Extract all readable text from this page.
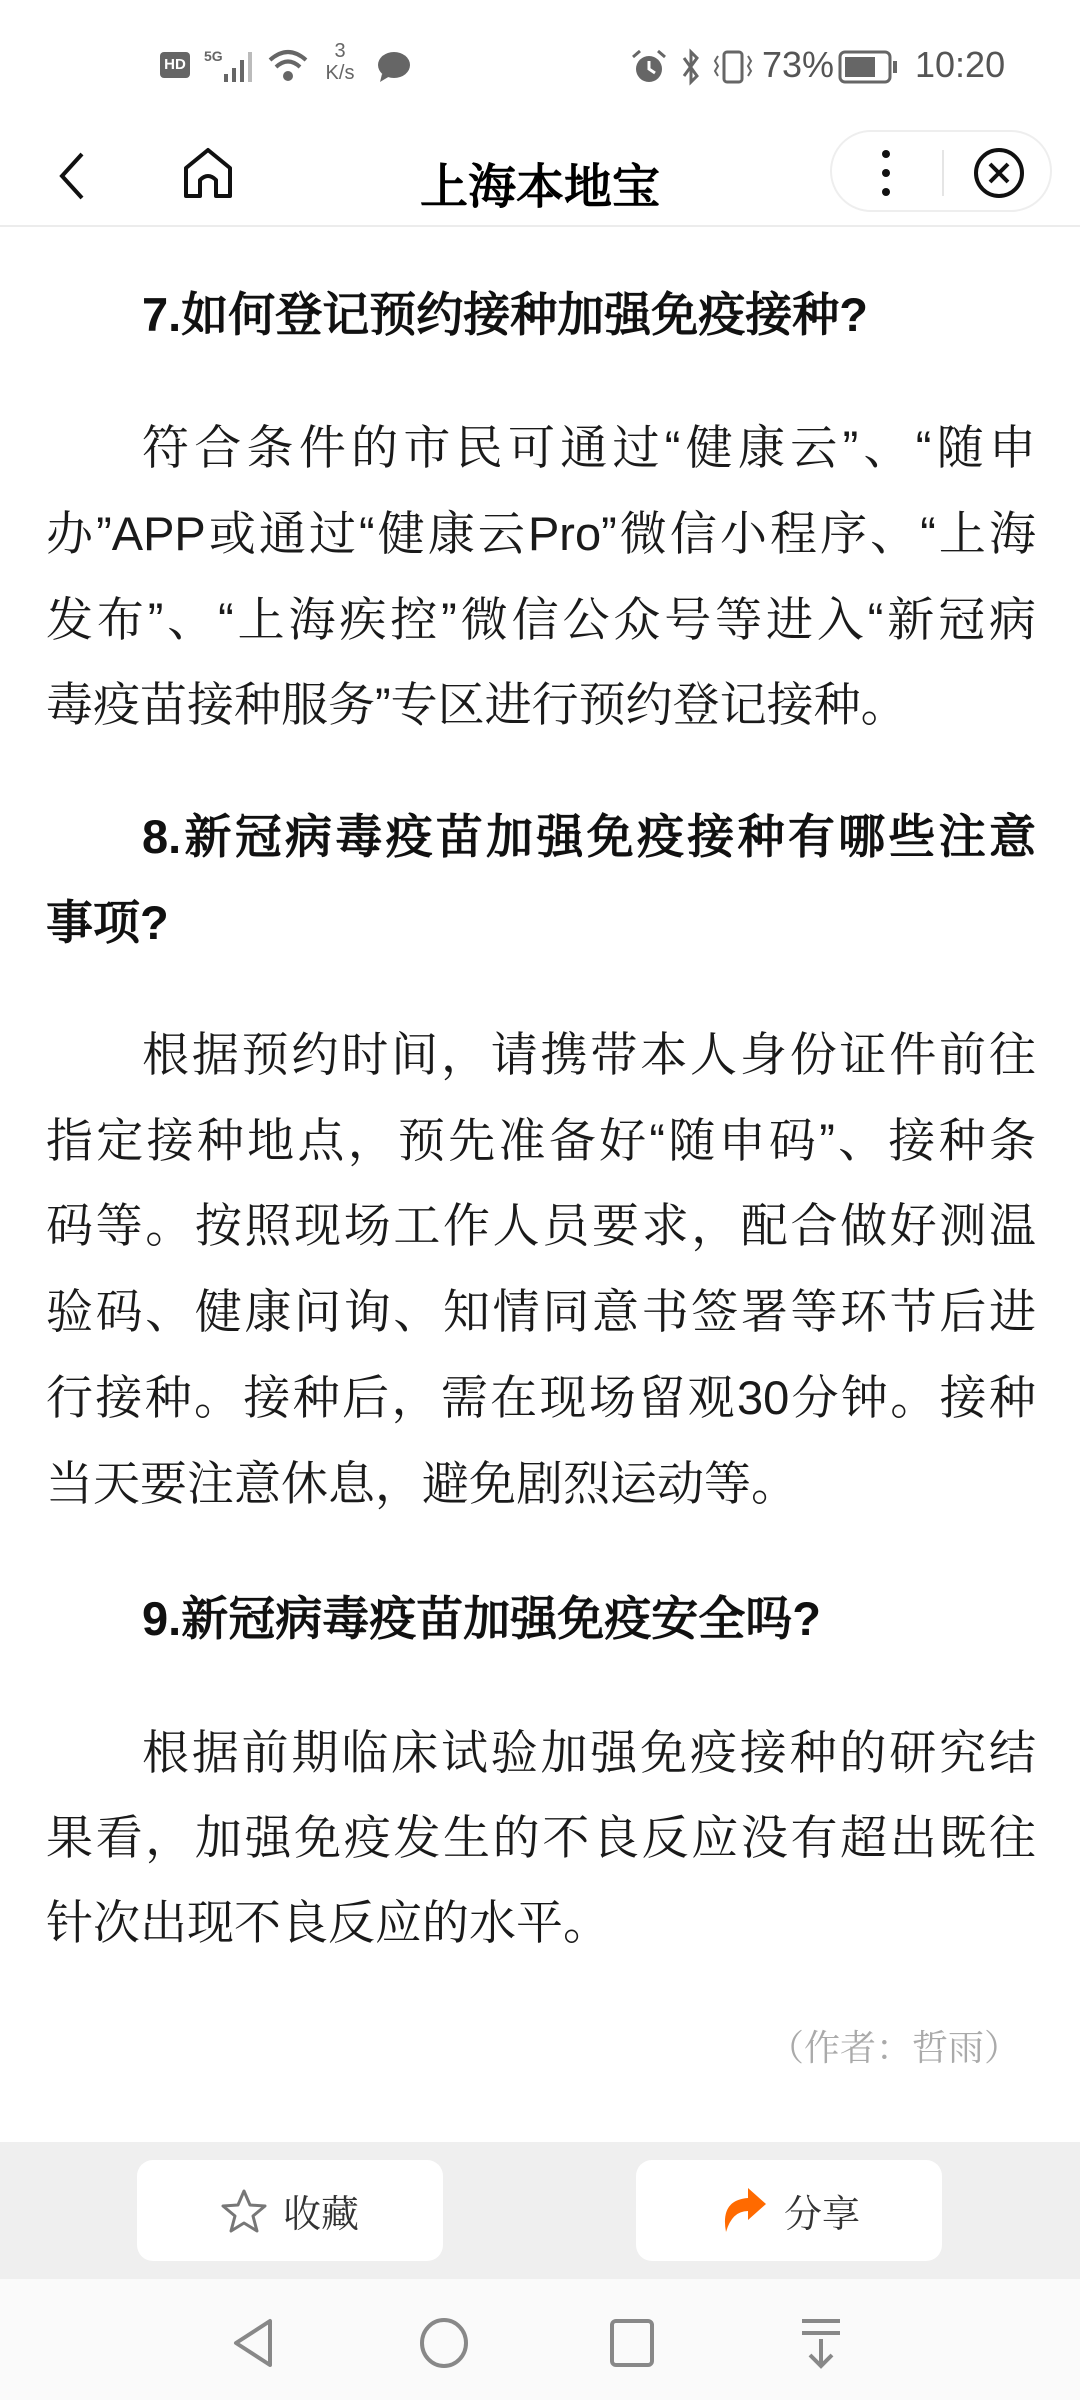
HD 5G	3
K/s	73% 10:20
上海本地宝
7.如何登记预约接种加强免疫接种?
符合条件的市民可通过“健康云”、“随申
办”APP或通过“健康云Pro”微信小程序、“上海
发布”、“上海疾控”微信公众号等进入“新冠病
毒疫苗接种服务”专区进行预约登记接种。
8.新冠病毒疫苗加强免疫接种有哪些注意
事项?
根据预约时间，请携带本人身份证件前往
指定接种地点，预先准备好“随申码”、接种条
码等。按照现场工作人员要求，配合做好测温
验码、健康问询、知情同意书签署等环节后进
行接种。接种后，需在现场留观30分钟。接种
当天要注意休息，避免剧烈运动等。
9.新冠病毒疫苗加强免疫安全吗?
根据前期临床试验加强免疫接种的研究结
果看，加强免疫发生的不良反应没有超出既往
针次出现不良反应的水平。
（作者：哲雨）
收藏	分享
